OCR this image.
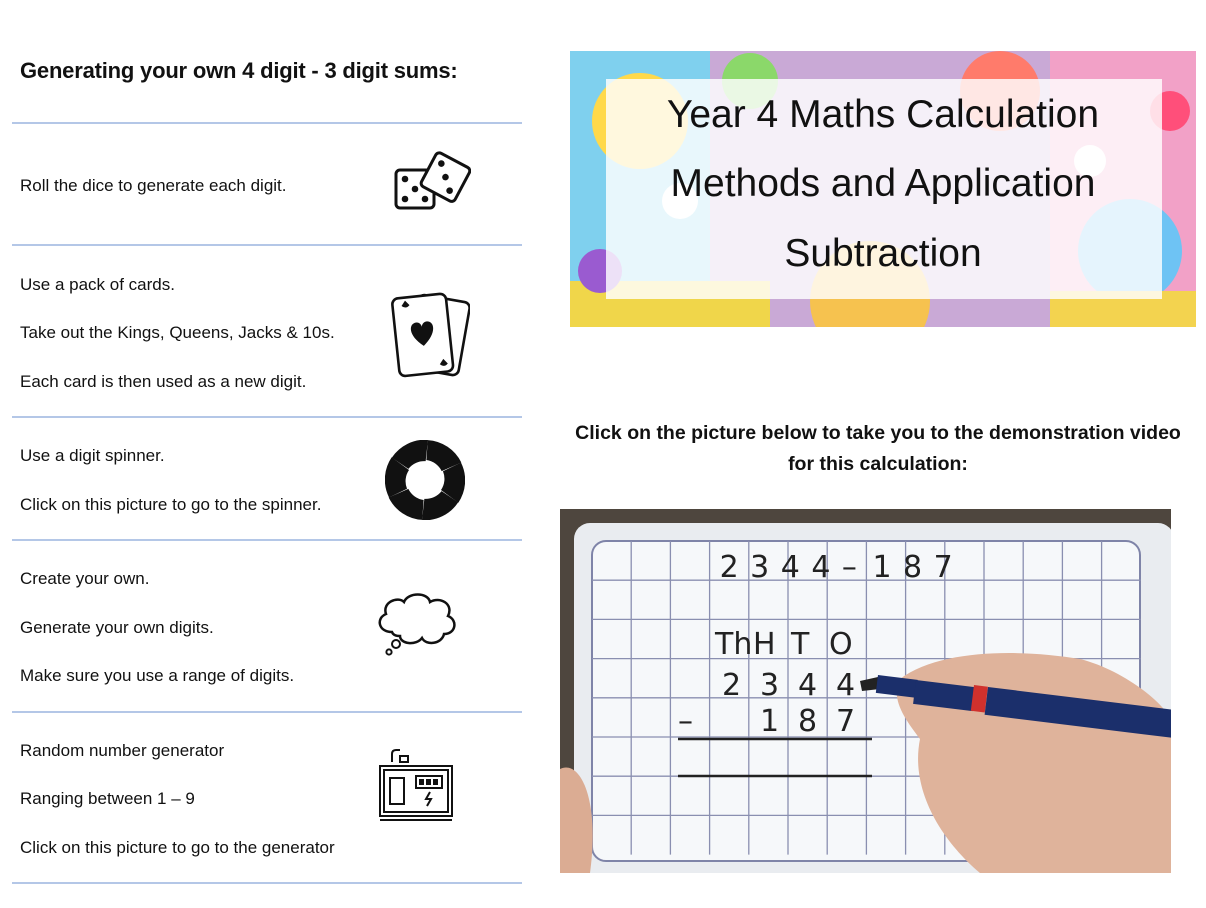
Generating your own 4 digit - 3 digit sums:
Roll the dice to generate each digit.
Use a pack of cards.
Take out the Kings, Queens, Jacks & 10s.
Each card is then used as a new digit.
Use a digit spinner.
Click on this picture to go to the spinner.
Create your own.
Generate your own digits.
Make sure you use a range of digits.
Random number generator
Ranging between 1 – 9
Click on this picture to go to the generator
Year 4 Maths Calculation
Methods and Application
Subtraction
Click on the picture below to take you to the demonstration video for this calculation:
2 3 4 4 – 1 8 7
Th H T O
2 3 4 4
– 1 8 7
